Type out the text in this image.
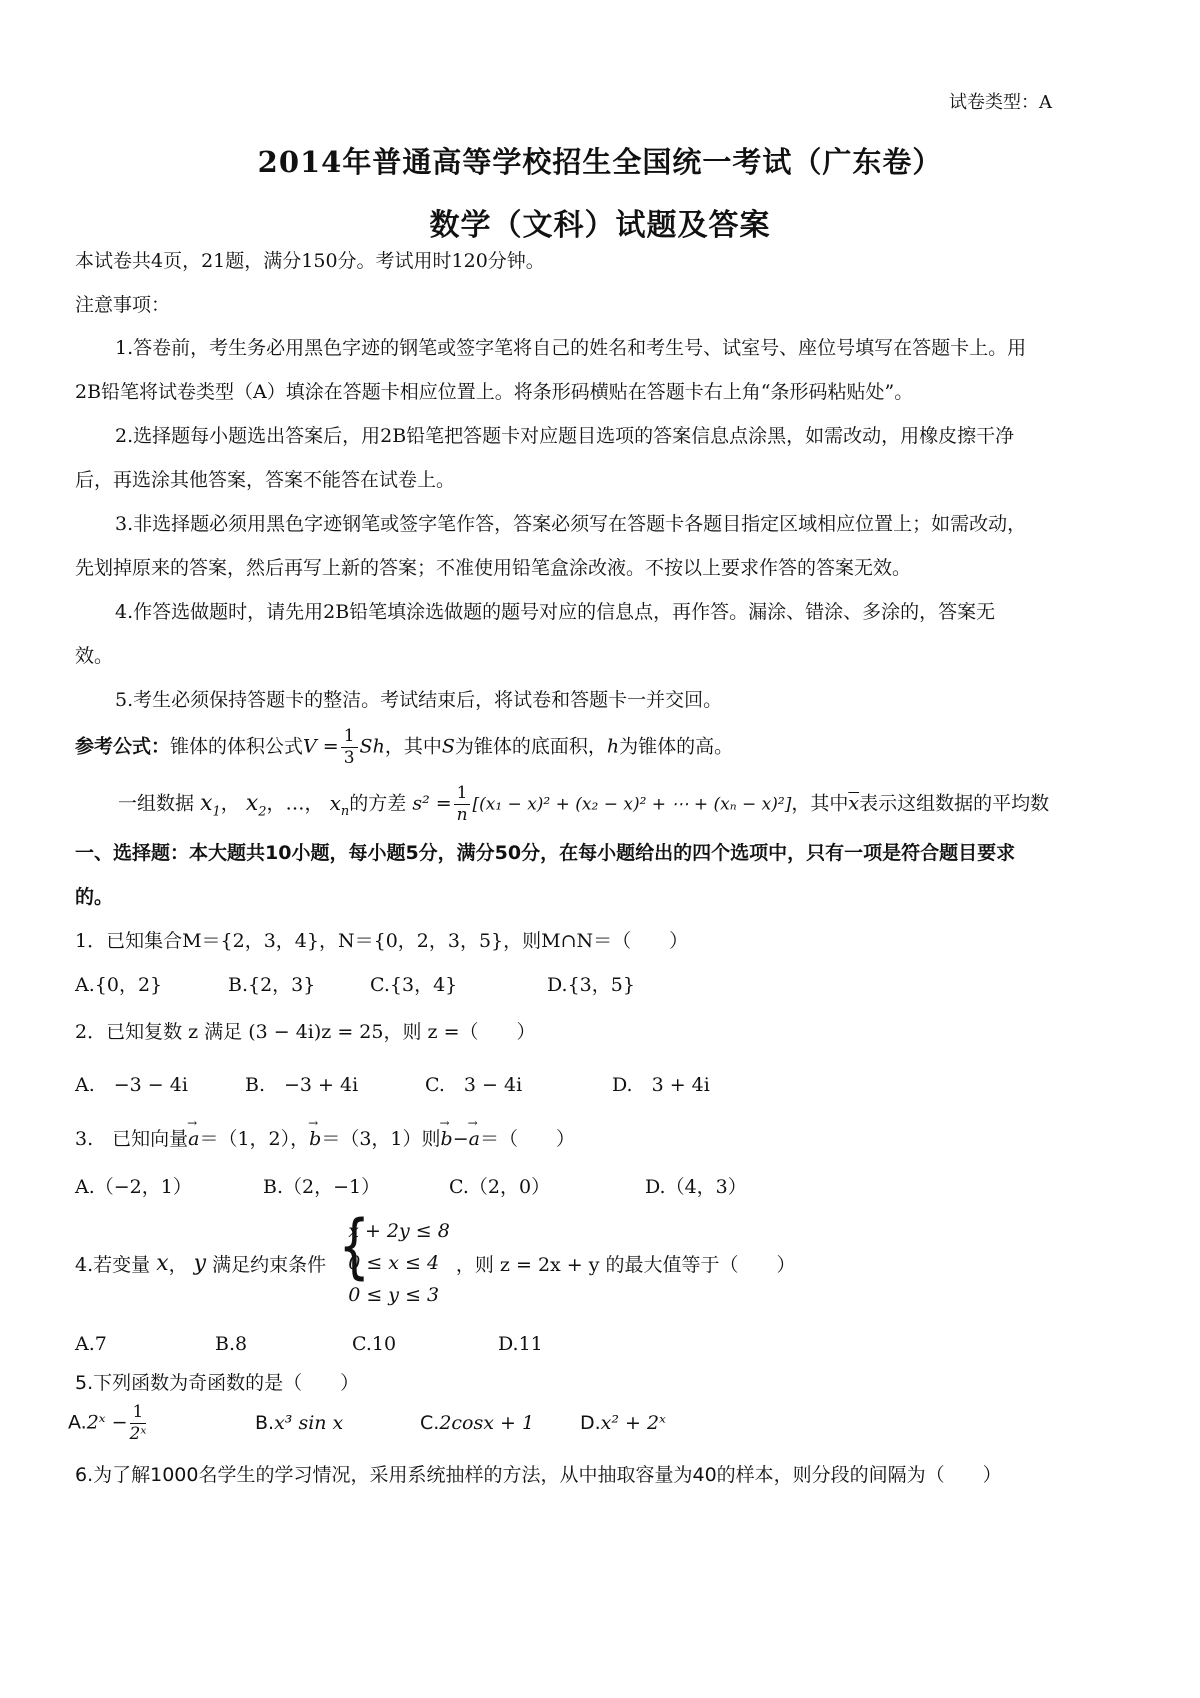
试卷类型：A
2014年普通高等学校招生全国统一考试（广东卷）
数学（文科）试题及答案
本试卷共4页，21题，满分150分。考试用时120分钟。
注意事项：
1.答卷前，考生务必用黑色字迹的钢笔或签字笔将自己的姓名和考生号、试室号、座位号填写在答题卡上。用
2B铅笔将试卷类型（A）填涂在答题卡相应位置上。将条形码横贴在答题卡右上角“条形码粘贴处”。
2.选择题每小题选出答案后，用2B铅笔把答题卡对应题目选项的答案信息点涂黑，如需改动，用橡皮擦干净
后，再选涂其他答案，答案不能答在试卷上。
3.非选择题必须用黑色字迹钢笔或签字笔作答，答案必须写在答题卡各题目指定区域相应位置上；如需改动，
先划掉原来的答案，然后再写上新的答案；不准使用铅笔盒涂改液。不按以上要求作答的答案无效。
4.作答选做题时，请先用2B铅笔填涂选做题的题号对应的信息点，再作答。漏涂、错涂、多涂的，答案无
效。
5.考生必须保持答题卡的整洁。考试结束后，将试卷和答题卡一并交回。
参考公式：锥体的体积公式$V = \frac{1}{3}$ Sh，其中S为锥体的底面积，h为锥体的高。
一组数据 $x_1$， $x_2$，…， $x_n$的方差 $s^2 = \frac{1}{n} [(x_1 - x)^2 + (x_2 - x)^2$ + ⋯ + (xₙ − x)²]，其中$\overline{x}$表示这组数据的平均数
一、选择题：本大题共10小题，每小题5分，满分50分，在每小题给出的四个选项中，只有一项是符合题目要求
的。
1．已知集合M＝{2，3，4}，N＝{0，2，3，5}，则M∩N＝（　　）
A.{0，2}	B.{2，3}	C.{3，4}	D.{3，5}
2．已知复数 z 满足 (3 − 4i)z = 25，则 z =（　　）
A.　−3 − 4i	B.　−3 + 4i	C.　3 − 4i	D.　3 + 4i
3.　已知向量→ a＝（1，2），→ b＝（3，1）则→ b−→ a＝（　　）
A.（−2，1）	B.（2，−1）	C.（2，0）	D.（4，3）
4.若变量 x， y 满足约束条件 {
x + 2y ≤ 8
0 ≤ x ≤ 4
0 ≤ y ≤ 3
，则 z = 2x + y 的最大值等于（　　）
A.7	B.8	C.10	D.11
5.下列函数为奇函数的是（　　）
A.2ˣ − $\frac{1}{\text{2ˣ}}$	B.x³ sin x	C.2cosx + 1 D.x² + 2ˣ
6.为了解1000名学生的学习情况，采用系统抽样的方法，从中抽取容量为40的样本，则分段的间隔为（　　）
